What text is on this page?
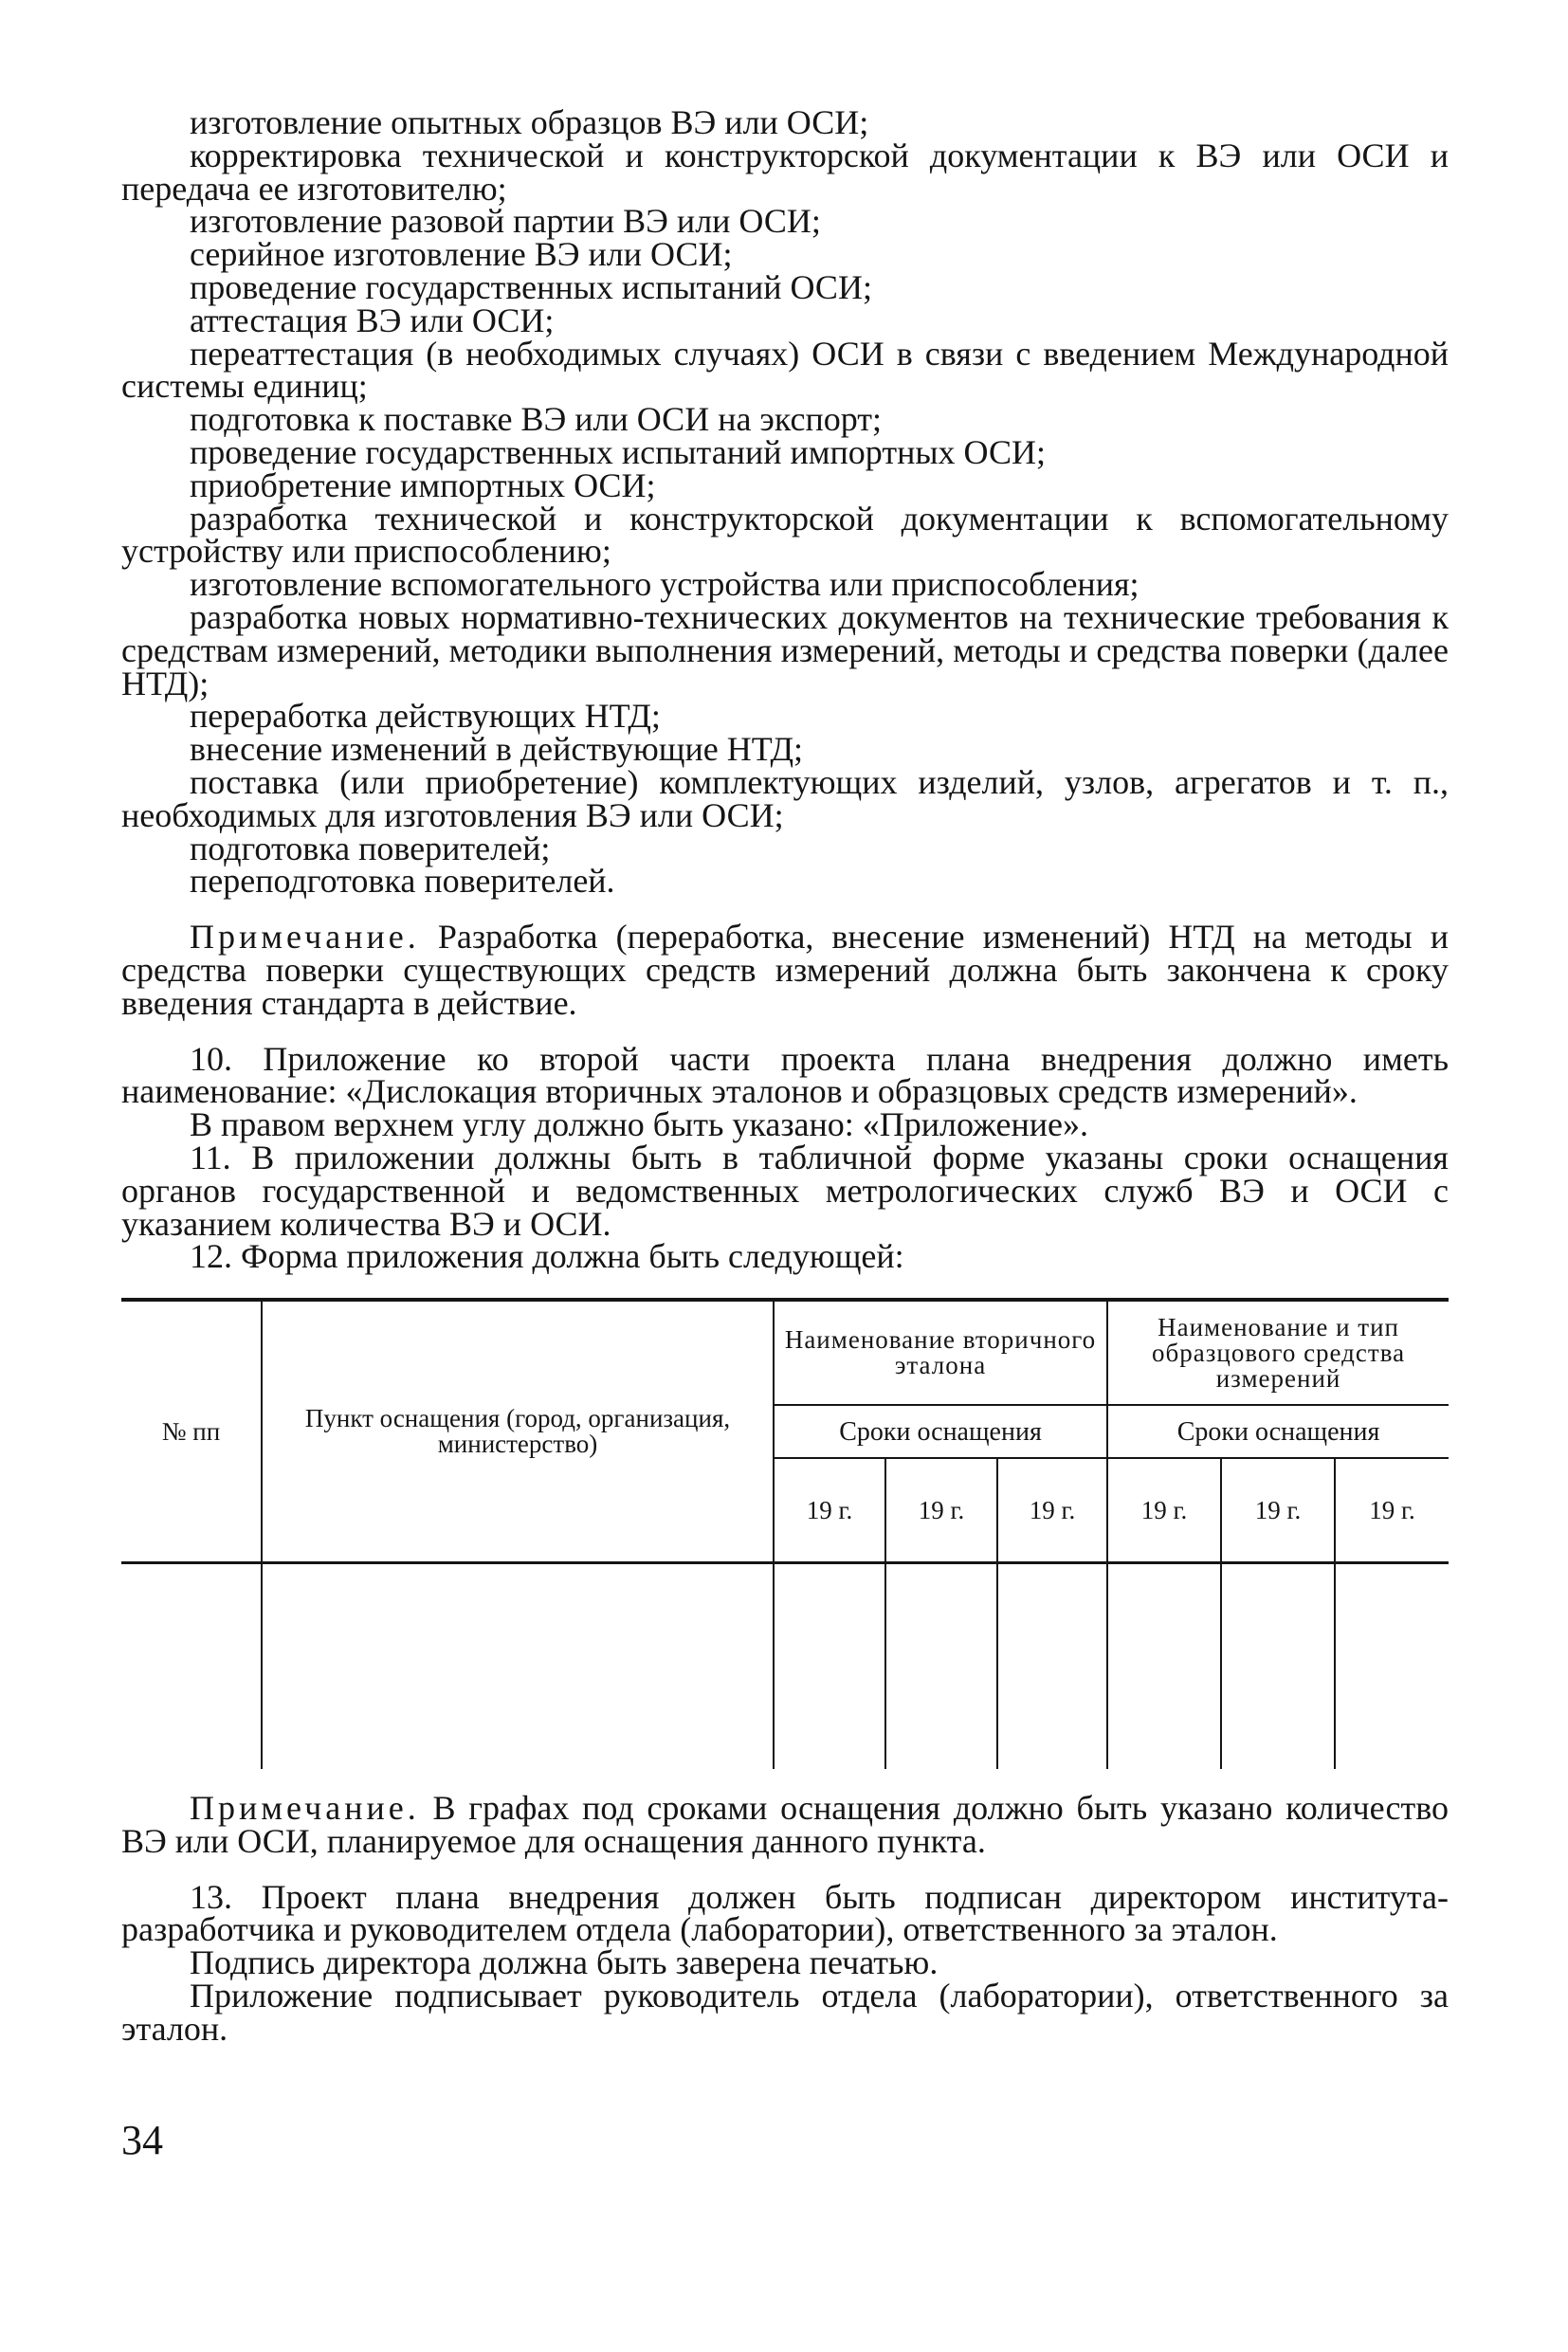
изготовление опытных образцов ВЭ или ОСИ;

корректировка технической и конструкторской документации к ВЭ или ОСИ и передача ее изготовителю;

изготовление разовой партии ВЭ или ОСИ;

серийное изготовление ВЭ или ОСИ;

проведение государственных испытаний ОСИ;

аттестация ВЭ или ОСИ;

переаттестация (в необходимых случаях) ОСИ в связи с введением Международной системы единиц;

подготовка к поставке ВЭ или ОСИ на экспорт;

проведение государственных испытаний импортных ОСИ;

приобретение импортных ОСИ;

разработка технической и конструкторской документации к вспомогательному устройству или приспособлению;

изготовление вспомогательного устройства или приспособления;

разработка новых нормативно-технических документов на технические требования к средствам измерений, методики выполнения измерений, методы и средства поверки (далее НТД);

переработка действующих НТД;

внесение изменений в действующие НТД;

поставка (или приобретение) комплектующих изделий, узлов, агрегатов и т. п., необходимых для изготовления ВЭ или ОСИ;

подготовка поверителей;

переподготовка поверителей.

Примечание. Разработка (переработка, внесение изменений) НТД на методы и средства поверки существующих средств измерений должна быть закончена к сроку введения стандарта в действие.

10. Приложение ко второй части проекта плана внедрения должно иметь наименование: «Дислокация вторичных эталонов и образцовых средств измерений».

В правом верхнем углу должно быть указано: «Приложение».

11. В приложении должны быть в табличной форме указаны сроки оснащения органов государственной и ведомственных метрологических служб ВЭ и ОСИ с указанием количества ВЭ и ОСИ.

12. Форма приложения должна быть следующей:

№ пп	Пункт оснащения (город, организация, министерство)	Наименование вторичного эталона			Наименование и тип образцового средства измерений		
		Сроки оснащения			Сроки оснащения		
		19 г.	19 г.	19 г.	19 г.	19 г.	19 г.

Примечание. В графах под сроками оснащения должно быть указано количество ВЭ или ОСИ, планируемое для оснащения данного пункта.

13. Проект плана внедрения должен быть подписан директором института-разработчика и руководителем отдела (лаборатории), ответственного за эталон.

Подпись директора должна быть заверена печатью.

Приложение подписывает руководитель отдела (лаборатории), ответственного за эталон.

34
